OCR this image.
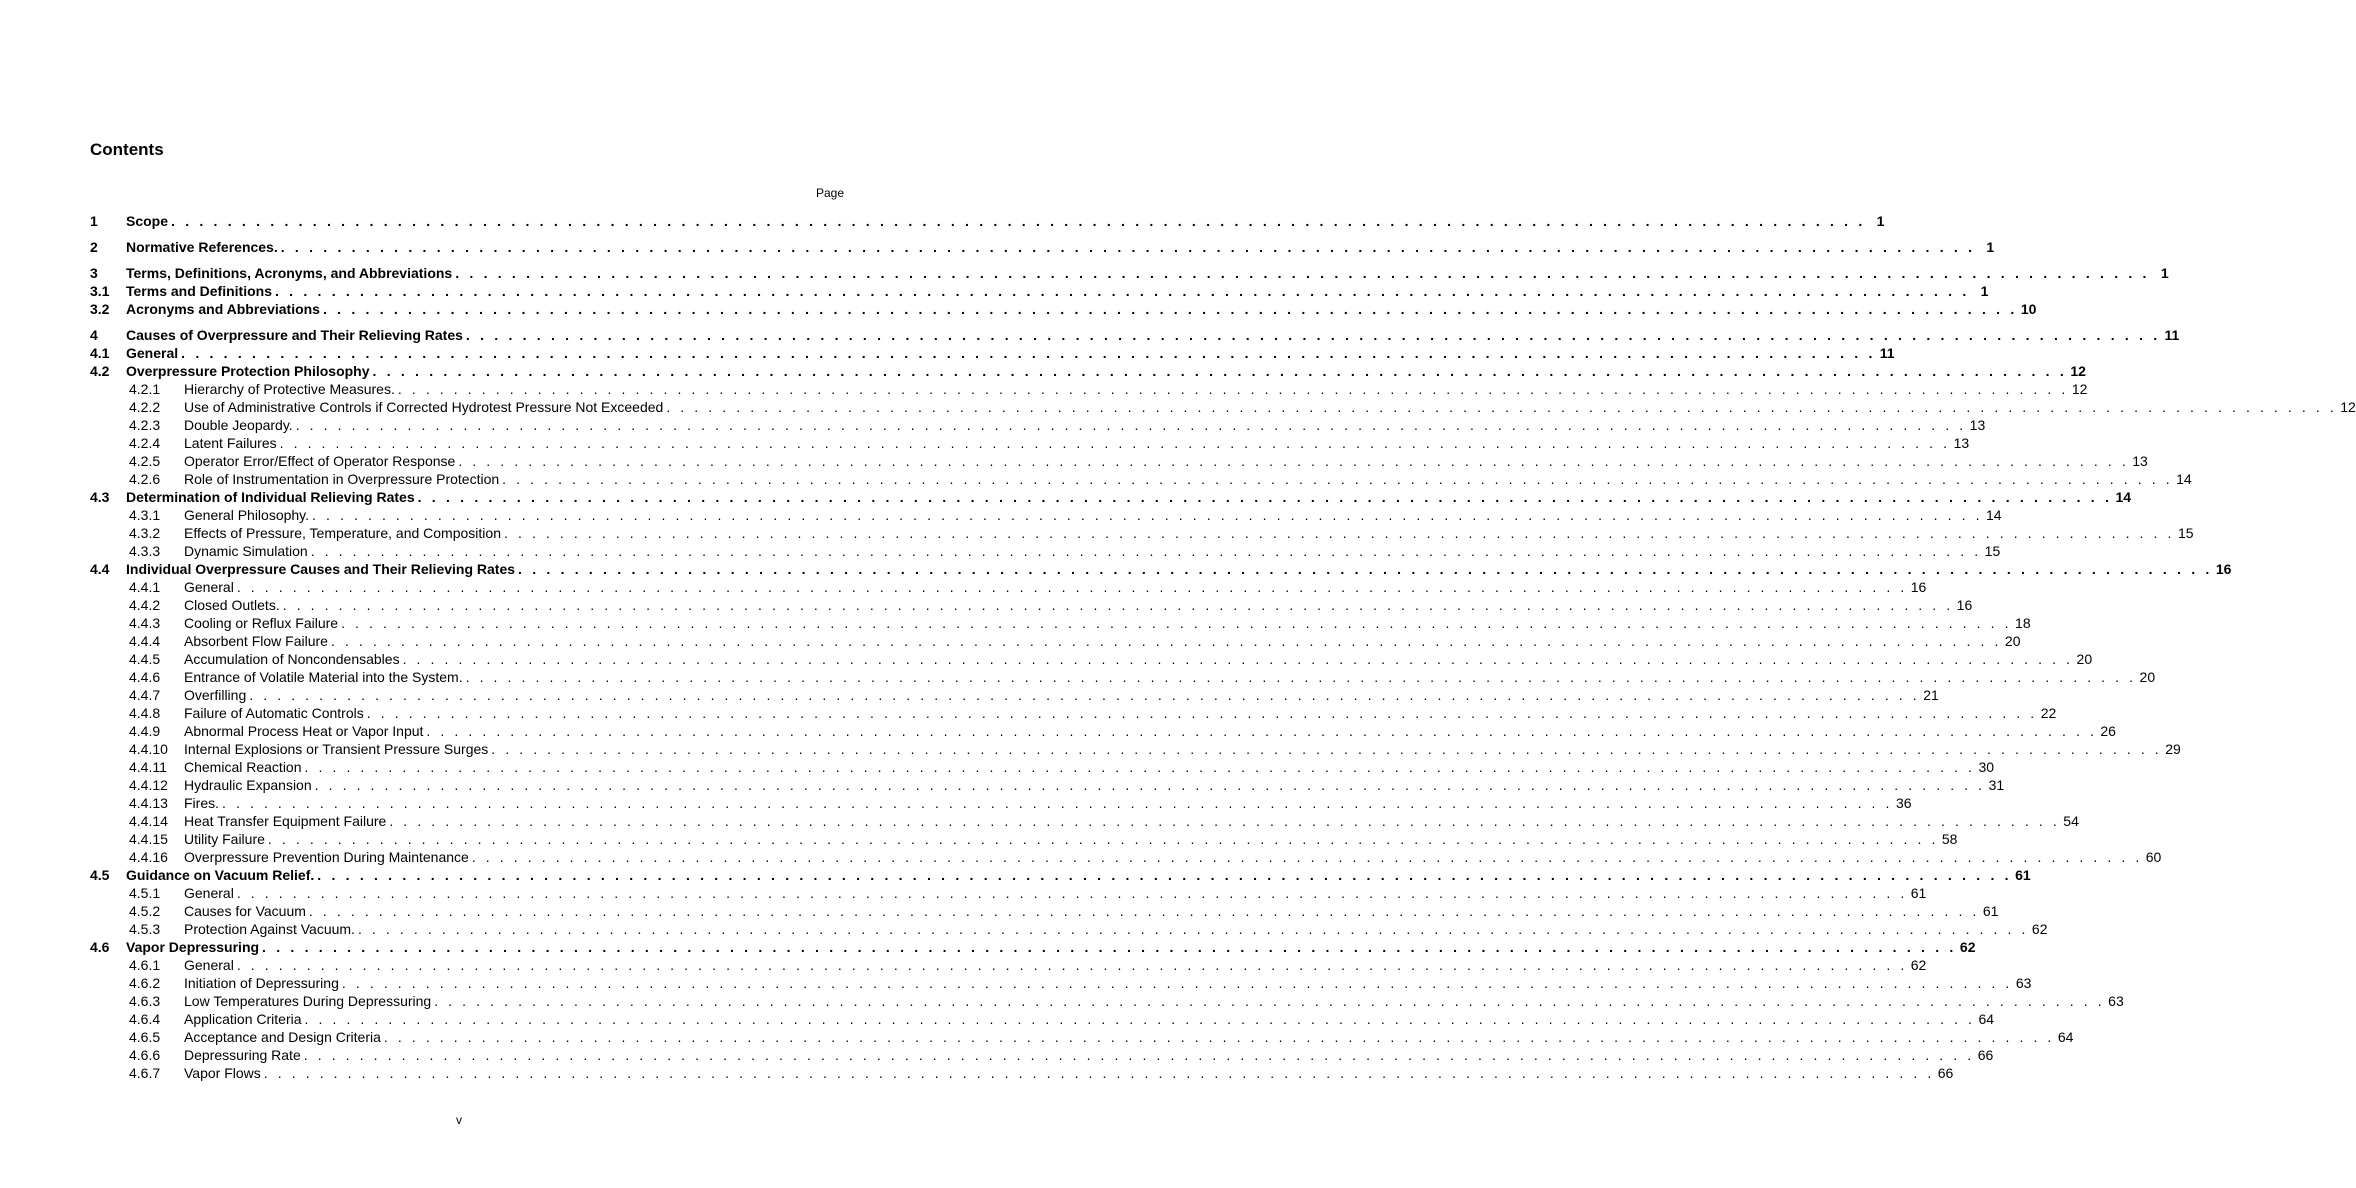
Contents
Page
1	Scope . . . . . . . . . . . . . . . . . . . . . . . . . . . . . . . . . . . . . . . . . . . . . . . . . . . . . . . . . . . . . . . . . . . . . . . . . . . . . . . . . . . . . . . . . . . . . . . . . . . . . . . . . . . . . . . . . . . . . . . . 1
2	Normative References. . . . . . . . . . . . . . . . . . . . . . . . . . . . . . . . . . . . . . . . . . . . . . . . . . . . . . . . . . . . . . . . . . . . . . . . . . . . . . . . . . . . . . . . . . . . . . . . . . . . . . . . . . . . . . . . . . . . . . . . . 1
3	Terms, Definitions, Acronyms, and Abbreviations . . . . . . . . . . . . . . . . . . . . . . . . . . . . . . . . . . . . . . . . . . . . . . . . . . . . . . . . . . . . . . . . . . . . . . . . . . . . . . . . . . . . . . . . . . . . . . . . . . . . . . . . . . . . . . . . . . . . . . . . 1
3.1	Terms and Definitions . . . . . . . . . . . . . . . . . . . . . . . . . . . . . . . . . . . . . . . . . . . . . . . . . . . . . . . . . . . . . . . . . . . . . . . . . . . . . . . . . . . . . . . . . . . . . . . . . . . . . . . . . . . . . . . . . . . . . . . . 1
3.2	Acronyms and Abbreviations . . . . . . . . . . . . . . . . . . . . . . . . . . . . . . . . . . . . . . . . . . . . . . . . . . . . . . . . . . . . . . . . . . . . . . . . . . . . . . . . . . . . . . . . . . . . . . . . . . . . . . . . . . . . . . . . . . . . . . . . 10
4	Causes of Overpressure and Their Relieving Rates . . . . . . . . . . . . . . . . . . . . . . . . . . . . . . . . . . . . . . . . . . . . . . . . . . . . . . . . . . . . . . . . . . . . . . . . . . . . . . . . . . . . . . . . . . . . . . . . . . . . . . . . . . . . . . . . . . . . . . . . 11
4.1	General . . . . . . . . . . . . . . . . . . . . . . . . . . . . . . . . . . . . . . . . . . . . . . . . . . . . . . . . . . . . . . . . . . . . . . . . . . . . . . . . . . . . . . . . . . . . . . . . . . . . . . . . . . . . . . . . . . . . . . . . 11
4.2	Overpressure Protection Philosophy . . . . . . . . . . . . . . . . . . . . . . . . . . . . . . . . . . . . . . . . . . . . . . . . . . . . . . . . . . . . . . . . . . . . . . . . . . . . . . . . . . . . . . . . . . . . . . . . . . . . . . . . . . . . . . . . . . . . . . . . 12
4.2.1	Hierarchy of Protective Measures. . . . . . . . . . . . . . . . . . . . . . . . . . . . . . . . . . . . . . . . . . . . . . . . . . . . . . . . . . . . . . . . . . . . . . . . . . . . . . . . . . . . . . . . . . . . . . . . . . . . . . . . . . . . . . . . . . . . . . . . . 12
4.2.2	Use of Administrative Controls if Corrected Hydrotest Pressure Not Exceeded . . . . . . . . . . . . . . . . . . . . . . . . . . . . . . . . . . . . . . . . . . . . . . . . . . . . . . . . . . . . . . . . . . . . . . . . . . . . . . . . . . . . . . . . . . . . . . . . . . . . . . . . . . . . . . . . . . . . . . . . 12
4.2.3	Double Jeopardy. . . . . . . . . . . . . . . . . . . . . . . . . . . . . . . . . . . . . . . . . . . . . . . . . . . . . . . . . . . . . . . . . . . . . . . . . . . . . . . . . . . . . . . . . . . . . . . . . . . . . . . . . . . . . . . . . . . . . . . . . 13
4.2.4	Latent Failures . . . . . . . . . . . . . . . . . . . . . . . . . . . . . . . . . . . . . . . . . . . . . . . . . . . . . . . . . . . . . . . . . . . . . . . . . . . . . . . . . . . . . . . . . . . . . . . . . . . . . . . . . . . . . . . . . . . . . . . . 13
4.2.5	Operator Error/Effect of Operator Response . . . . . . . . . . . . . . . . . . . . . . . . . . . . . . . . . . . . . . . . . . . . . . . . . . . . . . . . . . . . . . . . . . . . . . . . . . . . . . . . . . . . . . . . . . . . . . . . . . . . . . . . . . . . . . . . . . . . . . . . 13
4.2.6	Role of Instrumentation in Overpressure Protection . . . . . . . . . . . . . . . . . . . . . . . . . . . . . . . . . . . . . . . . . . . . . . . . . . . . . . . . . . . . . . . . . . . . . . . . . . . . . . . . . . . . . . . . . . . . . . . . . . . . . . . . . . . . . . . . . . . . . . . . 14
4.3	Determination of Individual Relieving Rates . . . . . . . . . . . . . . . . . . . . . . . . . . . . . . . . . . . . . . . . . . . . . . . . . . . . . . . . . . . . . . . . . . . . . . . . . . . . . . . . . . . . . . . . . . . . . . . . . . . . . . . . . . . . . . . . . . . . . . . . 14
4.3.1	General Philosophy. . . . . . . . . . . . . . . . . . . . . . . . . . . . . . . . . . . . . . . . . . . . . . . . . . . . . . . . . . . . . . . . . . . . . . . . . . . . . . . . . . . . . . . . . . . . . . . . . . . . . . . . . . . . . . . . . . . . . . . . . 14
4.3.2	Effects of Pressure, Temperature, and Composition . . . . . . . . . . . . . . . . . . . . . . . . . . . . . . . . . . . . . . . . . . . . . . . . . . . . . . . . . . . . . . . . . . . . . . . . . . . . . . . . . . . . . . . . . . . . . . . . . . . . . . . . . . . . . . . . . . . . . . . . 15
4.3.3	Dynamic Simulation . . . . . . . . . . . . . . . . . . . . . . . . . . . . . . . . . . . . . . . . . . . . . . . . . . . . . . . . . . . . . . . . . . . . . . . . . . . . . . . . . . . . . . . . . . . . . . . . . . . . . . . . . . . . . . . . . . . . . . . . 15
4.4	Individual Overpressure Causes and Their Relieving Rates . . . . . . . . . . . . . . . . . . . . . . . . . . . . . . . . . . . . . . . . . . . . . . . . . . . . . . . . . . . . . . . . . . . . . . . . . . . . . . . . . . . . . . . . . . . . . . . . . . . . . . . . . . . . . . . . . . . . . . . . 16
4.4.1	General . . . . . . . . . . . . . . . . . . . . . . . . . . . . . . . . . . . . . . . . . . . . . . . . . . . . . . . . . . . . . . . . . . . . . . . . . . . . . . . . . . . . . . . . . . . . . . . . . . . . . . . . . . . . . . . . . . . . . . . . 16
4.4.2	Closed Outlets. . . . . . . . . . . . . . . . . . . . . . . . . . . . . . . . . . . . . . . . . . . . . . . . . . . . . . . . . . . . . . . . . . . . . . . . . . . . . . . . . . . . . . . . . . . . . . . . . . . . . . . . . . . . . . . . . . . . . . . . . 16
4.4.3	Cooling or Reflux Failure . . . . . . . . . . . . . . . . . . . . . . . . . . . . . . . . . . . . . . . . . . . . . . . . . . . . . . . . . . . . . . . . . . . . . . . . . . . . . . . . . . . . . . . . . . . . . . . . . . . . . . . . . . . . . . . . . . . . . . . . 18
4.4.4	Absorbent Flow Failure . . . . . . . . . . . . . . . . . . . . . . . . . . . . . . . . . . . . . . . . . . . . . . . . . . . . . . . . . . . . . . . . . . . . . . . . . . . . . . . . . . . . . . . . . . . . . . . . . . . . . . . . . . . . . . . . . . . . . . . . 20
4.4.5	Accumulation of Noncondensables . . . . . . . . . . . . . . . . . . . . . . . . . . . . . . . . . . . . . . . . . . . . . . . . . . . . . . . . . . . . . . . . . . . . . . . . . . . . . . . . . . . . . . . . . . . . . . . . . . . . . . . . . . . . . . . . . . . . . . . . 20
4.4.6	Entrance of Volatile Material into the System. . . . . . . . . . . . . . . . . . . . . . . . . . . . . . . . . . . . . . . . . . . . . . . . . . . . . . . . . . . . . . . . . . . . . . . . . . . . . . . . . . . . . . . . . . . . . . . . . . . . . . . . . . . . . . . . . . . . . . . . . 20
4.4.7	Overfilling . . . . . . . . . . . . . . . . . . . . . . . . . . . . . . . . . . . . . . . . . . . . . . . . . . . . . . . . . . . . . . . . . . . . . . . . . . . . . . . . . . . . . . . . . . . . . . . . . . . . . . . . . . . . . . . . . . . . . . . . 21
4.4.8	Failure of Automatic Controls . . . . . . . . . . . . . . . . . . . . . . . . . . . . . . . . . . . . . . . . . . . . . . . . . . . . . . . . . . . . . . . . . . . . . . . . . . . . . . . . . . . . . . . . . . . . . . . . . . . . . . . . . . . . . . . . . . . . . . . . 22
4.4.9	Abnormal Process Heat or Vapor Input . . . . . . . . . . . . . . . . . . . . . . . . . . . . . . . . . . . . . . . . . . . . . . . . . . . . . . . . . . . . . . . . . . . . . . . . . . . . . . . . . . . . . . . . . . . . . . . . . . . . . . . . . . . . . . . . . . . . . . . . 26
4.4.10	Internal Explosions or Transient Pressure Surges . . . . . . . . . . . . . . . . . . . . . . . . . . . . . . . . . . . . . . . . . . . . . . . . . . . . . . . . . . . . . . . . . . . . . . . . . . . . . . . . . . . . . . . . . . . . . . . . . . . . . . . . . . . . . . . . . . . . . . . . 29
4.4.11	Chemical Reaction . . . . . . . . . . . . . . . . . . . . . . . . . . . . . . . . . . . . . . . . . . . . . . . . . . . . . . . . . . . . . . . . . . . . . . . . . . . . . . . . . . . . . . . . . . . . . . . . . . . . . . . . . . . . . . . . . . . . . . . . 30
4.4.12	Hydraulic Expansion . . . . . . . . . . . . . . . . . . . . . . . . . . . . . . . . . . . . . . . . . . . . . . . . . . . . . . . . . . . . . . . . . . . . . . . . . . . . . . . . . . . . . . . . . . . . . . . . . . . . . . . . . . . . . . . . . . . . . . . . 31
4.4.13	Fires. . . . . . . . . . . . . . . . . . . . . . . . . . . . . . . . . . . . . . . . . . . . . . . . . . . . . . . . . . . . . . . . . . . . . . . . . . . . . . . . . . . . . . . . . . . . . . . . . . . . . . . . . . . . . . . . . . . . . . . . . 36
4.4.14	Heat Transfer Equipment Failure . . . . . . . . . . . . . . . . . . . . . . . . . . . . . . . . . . . . . . . . . . . . . . . . . . . . . . . . . . . . . . . . . . . . . . . . . . . . . . . . . . . . . . . . . . . . . . . . . . . . . . . . . . . . . . . . . . . . . . . . 54
4.4.15	Utility Failure . . . . . . . . . . . . . . . . . . . . . . . . . . . . . . . . . . . . . . . . . . . . . . . . . . . . . . . . . . . . . . . . . . . . . . . . . . . . . . . . . . . . . . . . . . . . . . . . . . . . . . . . . . . . . . . . . . . . . . . . 58
4.4.16	Overpressure Prevention During Maintenance . . . . . . . . . . . . . . . . . . . . . . . . . . . . . . . . . . . . . . . . . . . . . . . . . . . . . . . . . . . . . . . . . . . . . . . . . . . . . . . . . . . . . . . . . . . . . . . . . . . . . . . . . . . . . . . . . . . . . . . . 60
4.5	Guidance on Vacuum Relief. . . . . . . . . . . . . . . . . . . . . . . . . . . . . . . . . . . . . . . . . . . . . . . . . . . . . . . . . . . . . . . . . . . . . . . . . . . . . . . . . . . . . . . . . . . . . . . . . . . . . . . . . . . . . . . . . . . . . . . . . 61
4.5.1	General . . . . . . . . . . . . . . . . . . . . . . . . . . . . . . . . . . . . . . . . . . . . . . . . . . . . . . . . . . . . . . . . . . . . . . . . . . . . . . . . . . . . . . . . . . . . . . . . . . . . . . . . . . . . . . . . . . . . . . . . 61
4.5.2	Causes for Vacuum . . . . . . . . . . . . . . . . . . . . . . . . . . . . . . . . . . . . . . . . . . . . . . . . . . . . . . . . . . . . . . . . . . . . . . . . . . . . . . . . . . . . . . . . . . . . . . . . . . . . . . . . . . . . . . . . . . . . . . . . 61
4.5.3	Protection Against Vacuum. . . . . . . . . . . . . . . . . . . . . . . . . . . . . . . . . . . . . . . . . . . . . . . . . . . . . . . . . . . . . . . . . . . . . . . . . . . . . . . . . . . . . . . . . . . . . . . . . . . . . . . . . . . . . . . . . . . . . . . . . 62
4.6	Vapor Depressuring . . . . . . . . . . . . . . . . . . . . . . . . . . . . . . . . . . . . . . . . . . . . . . . . . . . . . . . . . . . . . . . . . . . . . . . . . . . . . . . . . . . . . . . . . . . . . . . . . . . . . . . . . . . . . . . . . . . . . . . . 62
4.6.1	General . . . . . . . . . . . . . . . . . . . . . . . . . . . . . . . . . . . . . . . . . . . . . . . . . . . . . . . . . . . . . . . . . . . . . . . . . . . . . . . . . . . . . . . . . . . . . . . . . . . . . . . . . . . . . . . . . . . . . . . . 62
4.6.2	Initiation of Depressuring . . . . . . . . . . . . . . . . . . . . . . . . . . . . . . . . . . . . . . . . . . . . . . . . . . . . . . . . . . . . . . . . . . . . . . . . . . . . . . . . . . . . . . . . . . . . . . . . . . . . . . . . . . . . . . . . . . . . . . . . 63
4.6.3	Low Temperatures During Depressuring . . . . . . . . . . . . . . . . . . . . . . . . . . . . . . . . . . . . . . . . . . . . . . . . . . . . . . . . . . . . . . . . . . . . . . . . . . . . . . . . . . . . . . . . . . . . . . . . . . . . . . . . . . . . . . . . . . . . . . . . 63
4.6.4	Application Criteria . . . . . . . . . . . . . . . . . . . . . . . . . . . . . . . . . . . . . . . . . . . . . . . . . . . . . . . . . . . . . . . . . . . . . . . . . . . . . . . . . . . . . . . . . . . . . . . . . . . . . . . . . . . . . . . . . . . . . . . . 64
4.6.5	Acceptance and Design Criteria . . . . . . . . . . . . . . . . . . . . . . . . . . . . . . . . . . . . . . . . . . . . . . . . . . . . . . . . . . . . . . . . . . . . . . . . . . . . . . . . . . . . . . . . . . . . . . . . . . . . . . . . . . . . . . . . . . . . . . . . 64
4.6.6	Depressuring Rate . . . . . . . . . . . . . . . . . . . . . . . . . . . . . . . . . . . . . . . . . . . . . . . . . . . . . . . . . . . . . . . . . . . . . . . . . . . . . . . . . . . . . . . . . . . . . . . . . . . . . . . . . . . . . . . . . . . . . . . . 66
4.6.7	Vapor Flows . . . . . . . . . . . . . . . . . . . . . . . . . . . . . . . . . . . . . . . . . . . . . . . . . . . . . . . . . . . . . . . . . . . . . . . . . . . . . . . . . . . . . . . . . . . . . . . . . . . . . . . . . . . . . . . . . . . . . . . . 66
v
